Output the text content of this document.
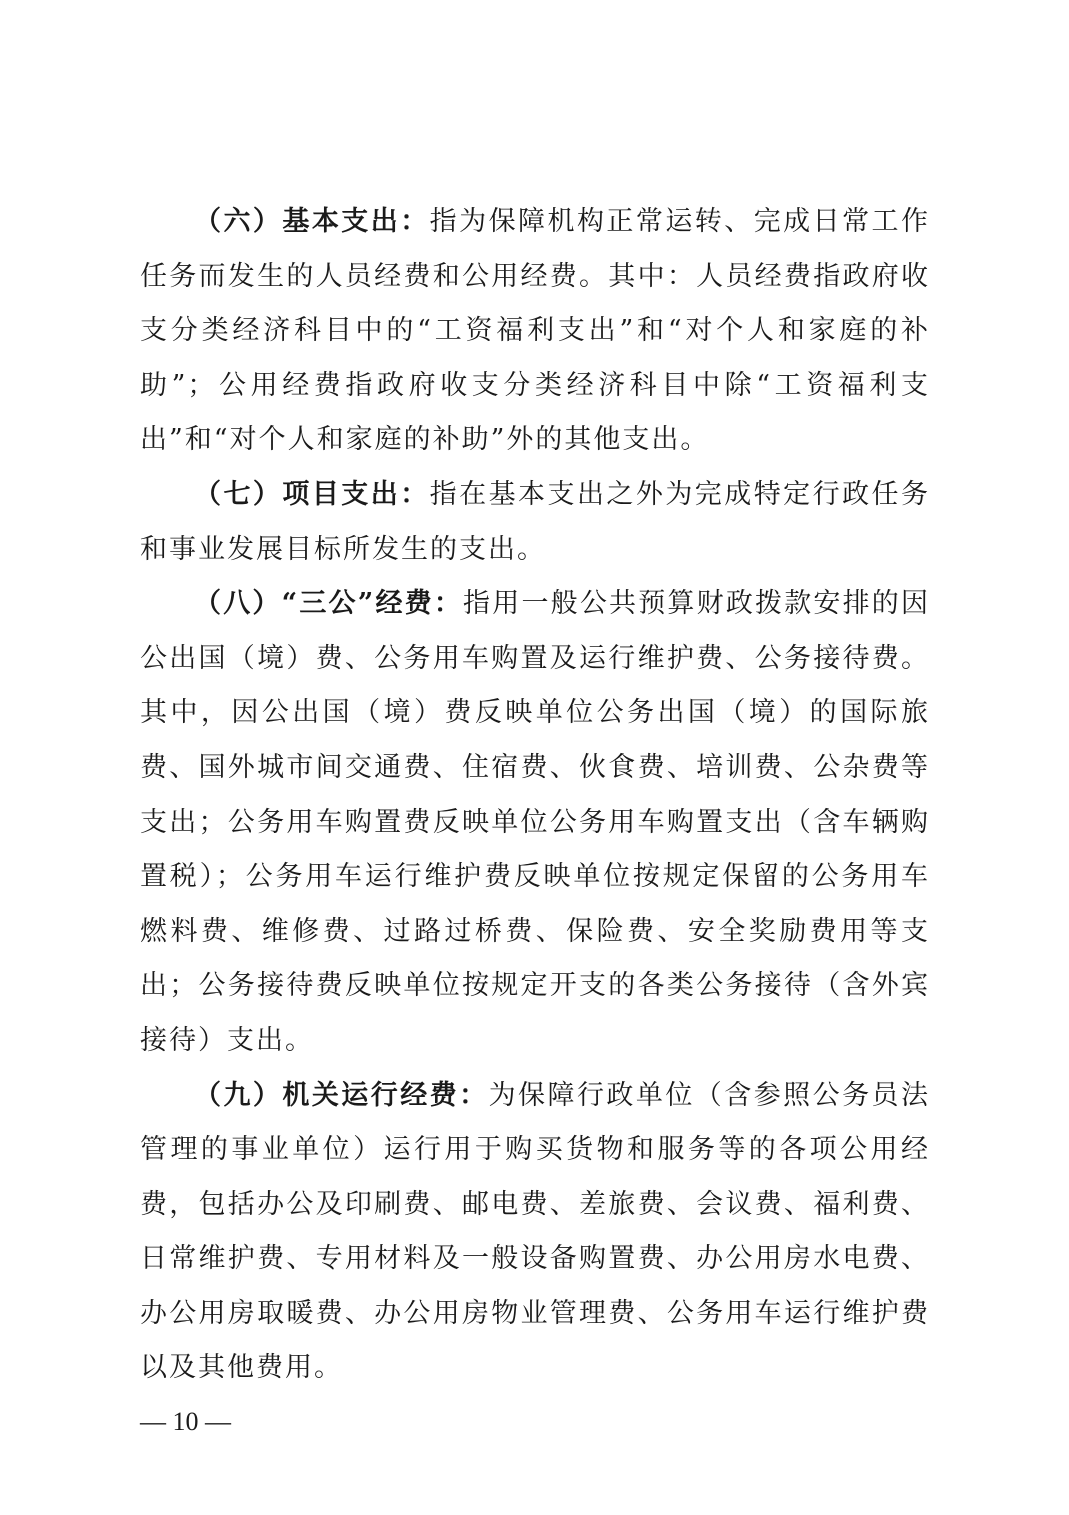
（六）基本支出：指为保障机构正常运转、完成日常工作任务而发生的人员经费和公用经费。其中：人员经费指政府收支分类经济科目中的“工资福利支出”和“对个人和家庭的补助”；公用经费指政府收支分类经济科目中除“工资福利支出”和“对个人和家庭的补助”外的其他支出。

（七）项目支出：指在基本支出之外为完成特定行政任务和事业发展目标所发生的支出。

（八）“三公”经费：指用一般公共预算财政拨款安排的因公出国（境）费、公务用车购置及运行维护费、公务接待费。其中，因公出国（境）费反映单位公务出国（境）的国际旅费、国外城市间交通费、住宿费、伙食费、培训费、公杂费等支出；公务用车购置费反映单位公务用车购置支出（含车辆购置税）；公务用车运行维护费反映单位按规定保留的公务用车燃料费、维修费、过路过桥费、保险费、安全奖励费用等支出；公务接待费反映单位按规定开支的各类公务接待（含外宾接待）支出。

（九）机关运行经费：为保障行政单位（含参照公务员法管理的事业单位）运行用于购买货物和服务等的各项公用经费，包括办公及印刷费、邮电费、差旅费、会议费、福利费、日常维护费、专用材料及一般设备购置费、办公用房水电费、办公用房取暖费、办公用房物业管理费、公务用车运行维护费以及其他费用。

— 10 —
